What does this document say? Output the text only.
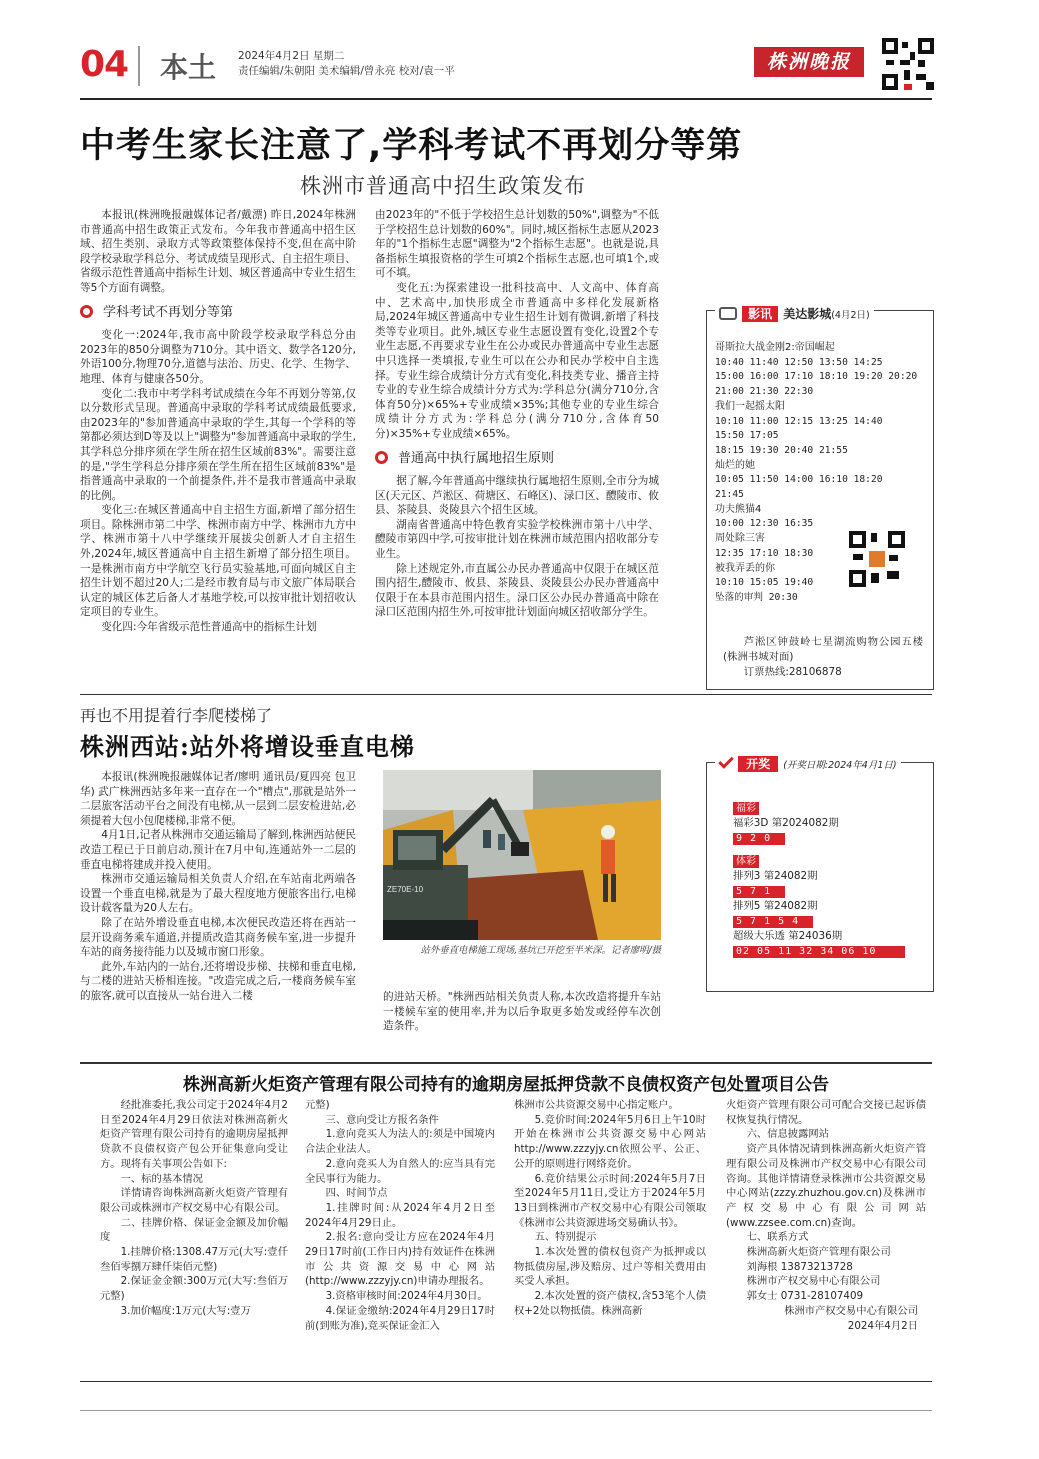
04 本土 2024年4月2日 星期二
责任编辑/朱朝阳 美术编辑/曾永亮 校对/袁一平	株洲晚报
中考生家长注意了,学科考试不再划分等第
株洲市普通高中招生政策发布

本报讯(株洲晚报融媒体记者/戴漂) 昨日,2024年株洲市普通高中招生政策正式发布。今年我市普通高中招生区域、招生类别、录取方式等政策整体保持不变,但在高中阶段学校录取学科总分、考试成绩呈现形式、自主招生项目、省级示范性普通高中指标生计划、城区普通高中专业生招生等5个方面有调整。

学科考试不再划分等第

变化一:2024年,我市高中阶段学校录取学科总分由2023年的850分调整为710分。其中语文、数学各120分,外语100分,物理70分,道德与法治、历史、化学、生物学、地理、体育与健康各50分。

变化二:我市中考学科考试成绩在今年不再划分等第,仅以分数形式呈现。普通高中录取的学科考试成绩最低要求,由2023年的"参加普通高中录取的学生,其每一个学科的等第都必须达到D等及以上"调整为"参加普通高中录取的学生,其学科总分排序须在学生所在招生区域前83%"。需要注意的是,"学生学科总分排序须在学生所在招生区域前83%"是指普通高中录取的一个前提条件,并不是我市普通高中录取的比例。

变化三:在城区普通高中自主招生方面,新增了部分招生项目。除株洲市第二中学、株洲市南方中学、株洲市九方中学、株洲市第十八中学继续开展拔尖创新人才自主招生外,2024年,城区普通高中自主招生新增了部分招生项目。一是株洲市南方中学航空飞行员实验基地,可面向城区自主招生计划不超过20人;二是经市教育局与市文旅广体局联合认定的城区体艺后备人才基地学校,可以按审批计划招收认定项目的专业生。

变化四:今年省级示范性普通高中的指标生计划

由2023年的"不低于学校招生总计划数的50%",调整为"不低于学校招生总计划数的60%"。同时,城区指标生志愿从2023年的"1个指标生志愿"调整为"2个指标生志愿"。也就是说,具备指标生填报资格的学生可填2个指标生志愿,也可填1个,或可不填。

变化五:为探索建设一批科技高中、人文高中、体育高中、艺术高中,加快形成全市普通高中多样化发展新格局,2024年城区普通高中专业生招生计划有微调,新增了科技类等专业项目。此外,城区专业生志愿设置有变化,设置2个专业生志愿,不再要求专业生在公办或民办普通高中专业生志愿中只选择一类填报,专业生可以在公办和民办学校中自主选择。专业生综合成绩计分方式有变化,科技类专业、播音主持专业的专业生综合成绩计分方式为:学科总分(满分710分,含体育50分)×65%+专业成绩×35%;其他专业的专业生综合成绩计分方式为:学科总分(满分710分,含体育50分)×35%+专业成绩×65%。

普通高中执行属地招生原则

据了解,今年普通高中继续执行属地招生原则,全市分为城区(天元区、芦淞区、荷塘区、石峰区)、渌口区、醴陵市、攸县、茶陵县、炎陵县六个招生区域。

湖南省普通高中特色教育实验学校株洲市第十八中学、醴陵市第四中学,可按审批计划在株洲市域范围内招收部分专业生。

除上述规定外,市直属公办民办普通高中仅限于在城区范围内招生,醴陵市、攸县、茶陵县、炎陵县公办民办普通高中仅限于在本县市范围内招生。渌口区公办民办普通高中除在渌口区范围内招生外,可按审批计划面向城区招收部分学生。

影讯 美达影城(4月2日)
哥斯拉大战金刚2:帝国崛起
10:40 11:40 12:50 13:50 14:25
15:00 16:00 17:10 18:10 19:20 20:20
21:00 21:30 22:30
我们一起摇太阳
10:10 11:00 12:15 13:25 14:40
15:50 17:05
18:15 19:30 20:40 21:55
灿烂的她
10:05 11:50 14:00 16:10 18:20
21:45
功夫熊猫4
10:00 12:30 16:35
周处除三害
12:35 17:10 18:30
被我弄丢的你
10:10 15:05 19:40
坠落的审判 20:30

芦淞区钟鼓岭七星湖流购物公园五楼(株洲书城对面)

订票热线:28106878

再也不用提着行李爬楼梯了
株洲西站:站外将增设垂直电梯

本报讯(株洲晚报融媒体记者/廖明 通讯员/夏四亮 包卫华) 武广株洲西站多年来一直存在一个"槽点",那就是站外一二层旅客活动平台之间没有电梯,从一层到二层安检进站,必须提着大包小包爬楼梯,非常不便。

4月1日,记者从株洲市交通运输局了解到,株洲西站便民改造工程已于日前启动,预计在7月中旬,连通站外一二层的垂直电梯将建成并投入使用。

株洲市交通运输局相关负责人介绍,在车站南北两端各设置一个垂直电梯,就是为了最大程度地方便旅客出行,电梯设计载客量为20人左右。

除了在站外增设垂直电梯,本次便民改造还将在西站一层开设商务乘车通道,并提质改造其商务候车室,进一步提升车站的商务接待能力以及城市窗口形象。

此外,车站内的一站台,还将增设步梯、扶梯和垂直电梯,与二楼的进站天桥相连接。"改造完成之后,一楼商务候车室的旅客,就可以直接从一站台进入二楼

ZE70E-10
站外垂直电梯施工现场,基坑已开挖至半米深。记者廖明/摄

的进站天桥。"株洲西站相关负责人称,本次改造将提升车站一楼候车室的使用率,并为以后争取更多始发或经停车次创造条件。

开奖 (开奖日期:2024年4月1日)
福彩
福彩3D 第2024082期
9 2 0
体彩
排列3 第24082期
5 7 1
排列5 第24082期
5 7 1 5 4
超级大乐透 第24036期
02 05 11 32 34 06 10
株洲高新火炬资产管理有限公司持有的逾期房屋抵押贷款不良债权资产包处置项目公告

经批准委托,我公司定于2024年4月2日至2024年4月29日依法对株洲高新火炬资产管理有限公司持有的逾期房屋抵押贷款不良债权资产包公开征集意向受让方。现将有关事项公告如下:

一、标的基本情况

详情请咨询株洲高新火炬资产管理有限公司或株洲市产权交易中心有限公司。

二、挂牌价格、保证金金额及加价幅度

1.挂牌价格:1308.47万元(大写:壹仟叁佰零捌万肆仟柒佰元整)

2.保证金金额:300万元(大写:叁佰万元整)

3.加价幅度:1万元(大写:壹万

元整)

三、意向受让方报名条件

1.意向竞买人为法人的:须是中国境内合法企业法人。

2.意向竞买人为自然人的:应当具有完全民事行为能力。

四、时间节点

1.挂牌时间:从2024年4月2日至2024年4月29日止。

2.报名:意向受让方应在2024年4月29日17时前(工作日内)持有效证件在株洲市公共资源交易中心网站(http://www.zzzyjy.cn)申请办理报名。

3.资格审核时间:2024年4月30日。

4.保证金缴纳:2024年4月29日17时前(到账为准),竞买保证金汇入

株洲市公共资源交易中心指定账户。

5.竞价时间:2024年5月6日上午10时开始在株洲市公共资源交易中心网站http://www.zzzyjy.cn依照公平、公正、公开的原则进行网络竞价。

6.竞价结果公示时间:2024年5月7日至2024年5月11日,受让方于2024年5月13日到株洲市产权交易中心有限公司领取《株洲市公共资源进场交易确认书》。

五、特别提示

1.本次处置的债权包资产为抵押或以物抵债房屋,涉及赔房、过户等相关费用由买受人承担。

2.本次处置的资产债权,含53笔个人债权+2处以物抵债。株洲高新

火炬资产管理有限公司可配合交接已起诉债权恢复执行情况。

六、信息披露网站

资产具体情况请到株洲高新火炬资产管理有限公司及株洲市产权交易中心有限公司咨询。其他详情请登录株洲市公共资源交易中心网站(zzzy.zhuzhou.gov.cn)及株洲市产权交易中心有限公司网站(www.zzsee.com.cn)查询。

七、联系方式

株洲高新火炬资产管理有限公司

刘海根 13873213728

株洲市产权交易中心有限公司

郭女士 0731-28107409

株洲市产权交易中心有限公司

2024年4月2日
